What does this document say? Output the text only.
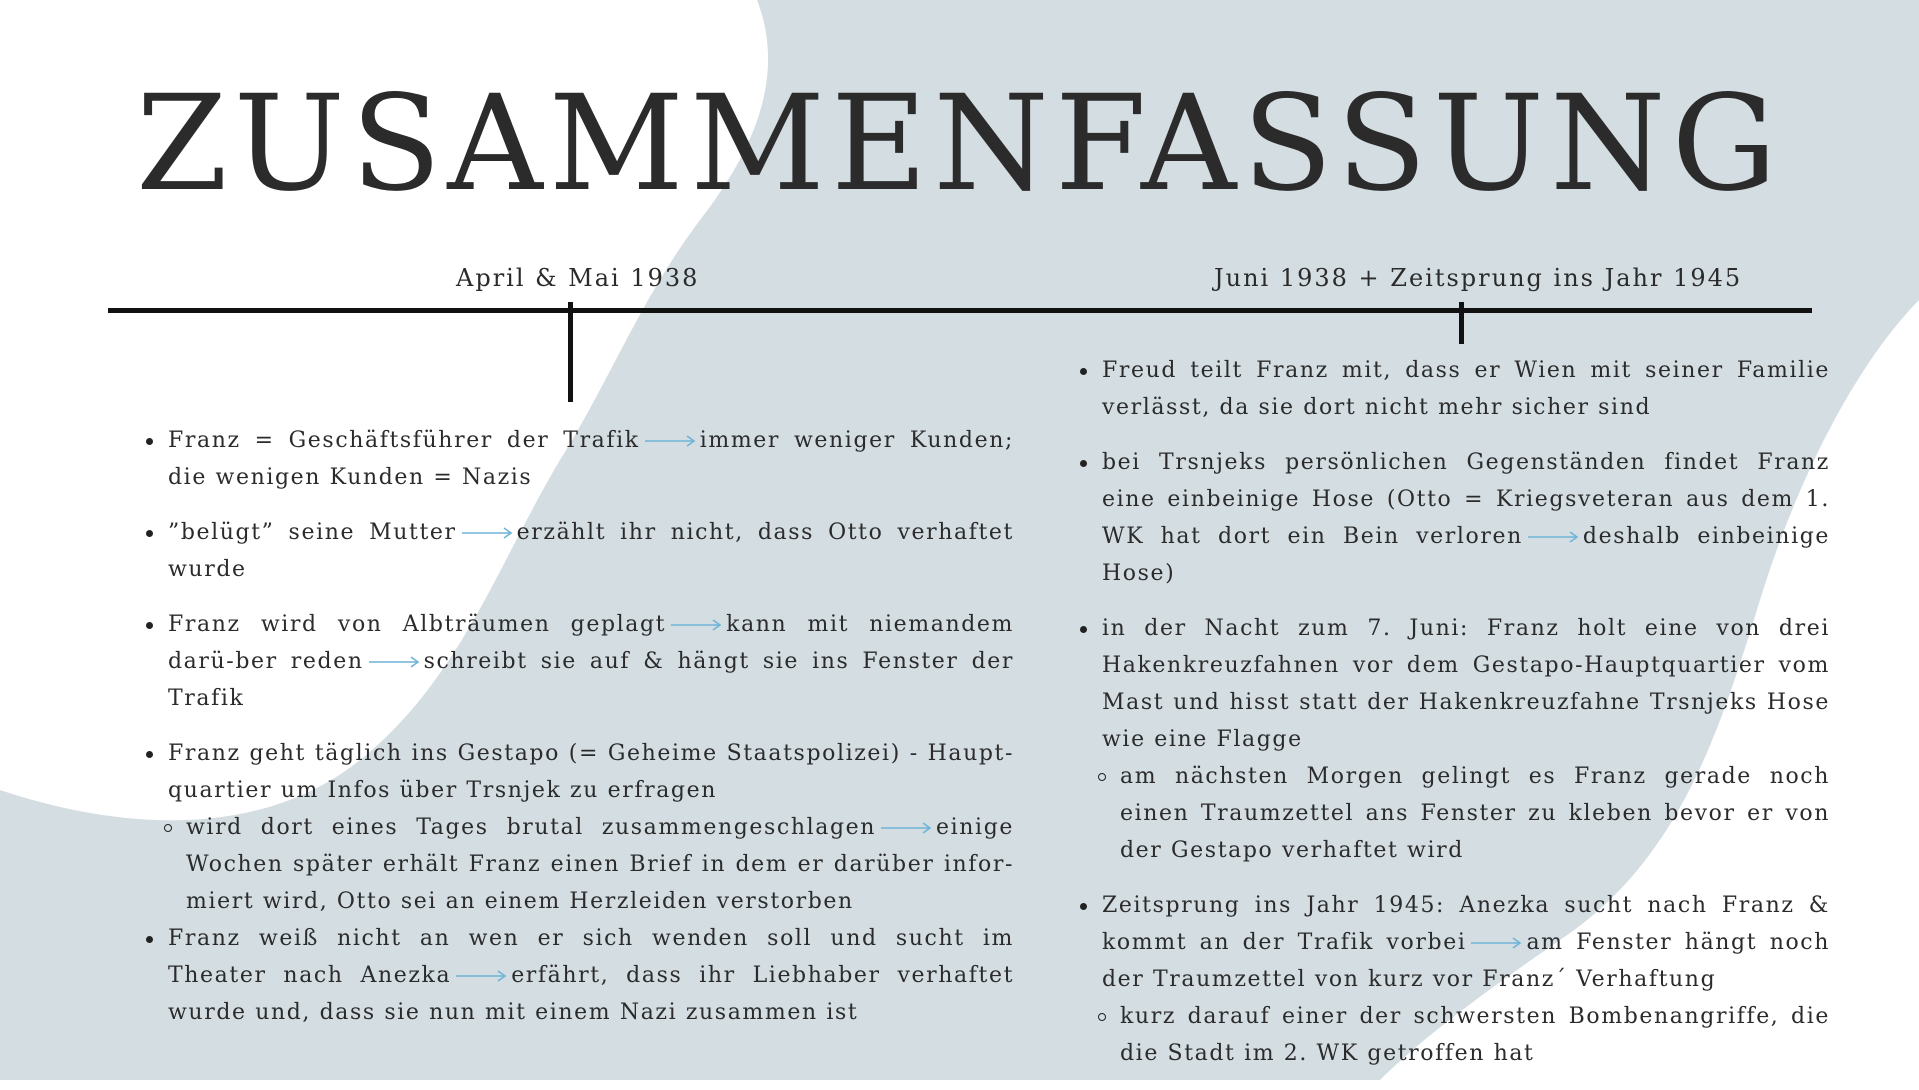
ZUSAMMENFASSUNG
April & Mai 1938	Juni 1938 + Zeitsprung ins Jahr 1945
Franz = Geschäftsführer der Trafik	immer weniger Kunden; die wenigen Kunden = Nazis
”belügt” seine Mutter	erzählt ihr nicht, dass Otto verhaftet wurde
Franz wird von Albträumen geplagt	kann mit niemandem darü-ber reden	schreibt sie auf & hängt sie ins Fenster der Trafik
Franz geht täglich ins Gestapo (= Geheime Staatspolizei) - Haupt-quartier um Infos über Trsnjek zu erfragen
wird dort eines Tages brutal zusammengeschlagen	einige Wochen später erhält Franz einen Brief in dem er darüber infor-miert wird, Otto sei an einem Herzleiden verstorben
Franz weiß nicht an wen er sich wenden soll und sucht im Theater nach Anezka	erfährt, dass ihr Liebhaber verhaftet wurde und, dass sie nun mit einem Nazi zusammen ist
Freud teilt Franz mit, dass er Wien mit seiner Familie verlässt, da sie dort nicht mehr sicher sind
bei Trsnjeks persönlichen Gegenständen findet Franz eine einbeinige Hose (Otto = Kriegsveteran aus dem 1. WK hat dort ein Bein verloren	deshalb einbeinige Hose)
in der Nacht zum 7. Juni: Franz holt eine von drei Hakenkreuzfahnen vor dem Gestapo-Hauptquartier vom Mast und hisst statt der Hakenkreuzfahne Trsnjeks Hose wie eine Flagge
am nächsten Morgen gelingt es Franz gerade noch einen Traumzettel ans Fenster zu kleben bevor er von der Gestapo verhaftet wird
Zeitsprung ins Jahr 1945: Anezka sucht nach Franz & kommt an der Trafik vorbei	am Fenster hängt noch der Traumzettel von kurz vor Franz´ Verhaftung
kurz darauf einer der schwersten Bombenangriffe, die die Stadt im 2. WK getroffen hat
